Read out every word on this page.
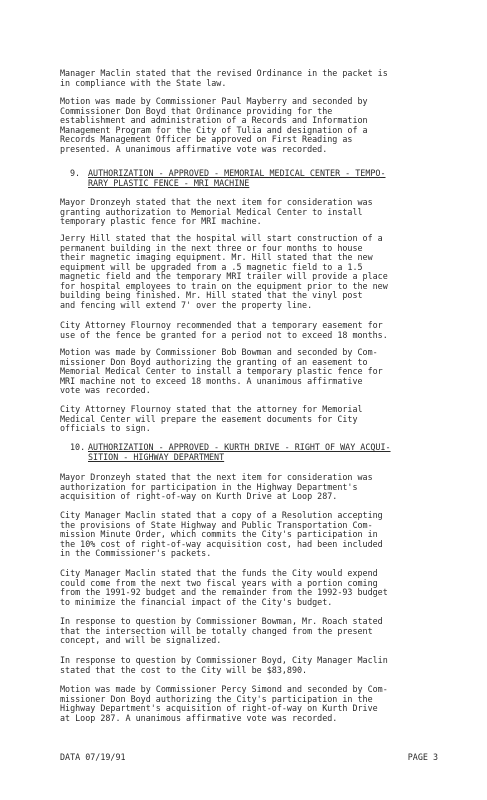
Manager Maclin stated that the revised Ordinance in the packet is
in compliance with the State law.

Motion was made by Commissioner Paul Mayberry and seconded by
Commissioner Don Boyd that Ordinance providing for the
establishment and administration of a Records and Information
Management Program for the City of Tulia and designation of a
Records Management Officer be approved on First Reading as
presented. A unanimous affirmative vote was recorded.

9. AUTHORIZATION - APPROVED - MEMORIAL MEDICAL CENTER - TEMPO-
RARY PLASTIC FENCE - MRI MACHINE

Mayor Dronzeyh stated that the next item for consideration was
granting authorization to Memorial Medical Center to install
temporary plastic fence for MRI machine.

Jerry Hill stated that the hospital will start construction of a
permanent building in the next three or four months to house
their magnetic imaging equipment. Mr. Hill stated that the new
equipment will be upgraded from a .5 magnetic field to a 1.5
magnetic field and the temporary MRI trailer will provide a place
for hospital employees to train on the equipment prior to the new
building being finished. Mr. Hill stated that the vinyl post
and fencing will extend 7' over the property line.

City Attorney Flournoy recommended that a temporary easement for
use of the fence be granted for a period not to exceed 18 months.

Motion was made by Commissioner Bob Bowman and seconded by Com-
missioner Don Boyd authorizing the granting of an easement to
Memorial Medical Center to install a temporary plastic fence for
MRI machine not to exceed 18 months. A unanimous affirmative
vote was recorded.

City Attorney Flournoy stated that the attorney for Memorial
Medical Center will prepare the easement documents for City
officials to sign.

10. AUTHORIZATION - APPROVED - KURTH DRIVE - RIGHT OF WAY ACQUI-
SITION - HIGHWAY DEPARTMENT

Mayor Dronzeyh stated that the next item for consideration was
authorization for participation in the Highway Department's
acquisition of right-of-way on Kurth Drive at Loop 287.

City Manager Maclin stated that a copy of a Resolution accepting
the provisions of State Highway and Public Transportation Com-
mission Minute Order, which commits the City's participation in
the 10% cost of right-of-way acquisition cost, had been included
in the Commissioner's packets.

City Manager Maclin stated that the funds the City would expend
could come from the next two fiscal years with a portion coming
from the 1991-92 budget and the remainder from the 1992-93 budget
to minimize the financial impact of the City's budget.

In response to question by Commissioner Bowman, Mr. Roach stated
that the intersection will be totally changed from the present
concept, and will be signalized.

In response to question by Commissioner Boyd, City Manager Maclin
stated that the cost to the City will be $83,890.

Motion was made by Commissioner Percy Simond and seconded by Com-
missioner Don Boyd authorizing the City's participation in the
Highway Department's acquisition of right-of-way on Kurth Drive
at Loop 287. A unanimous affirmative vote was recorded.

DATA 07/19/91	PAGE 3
